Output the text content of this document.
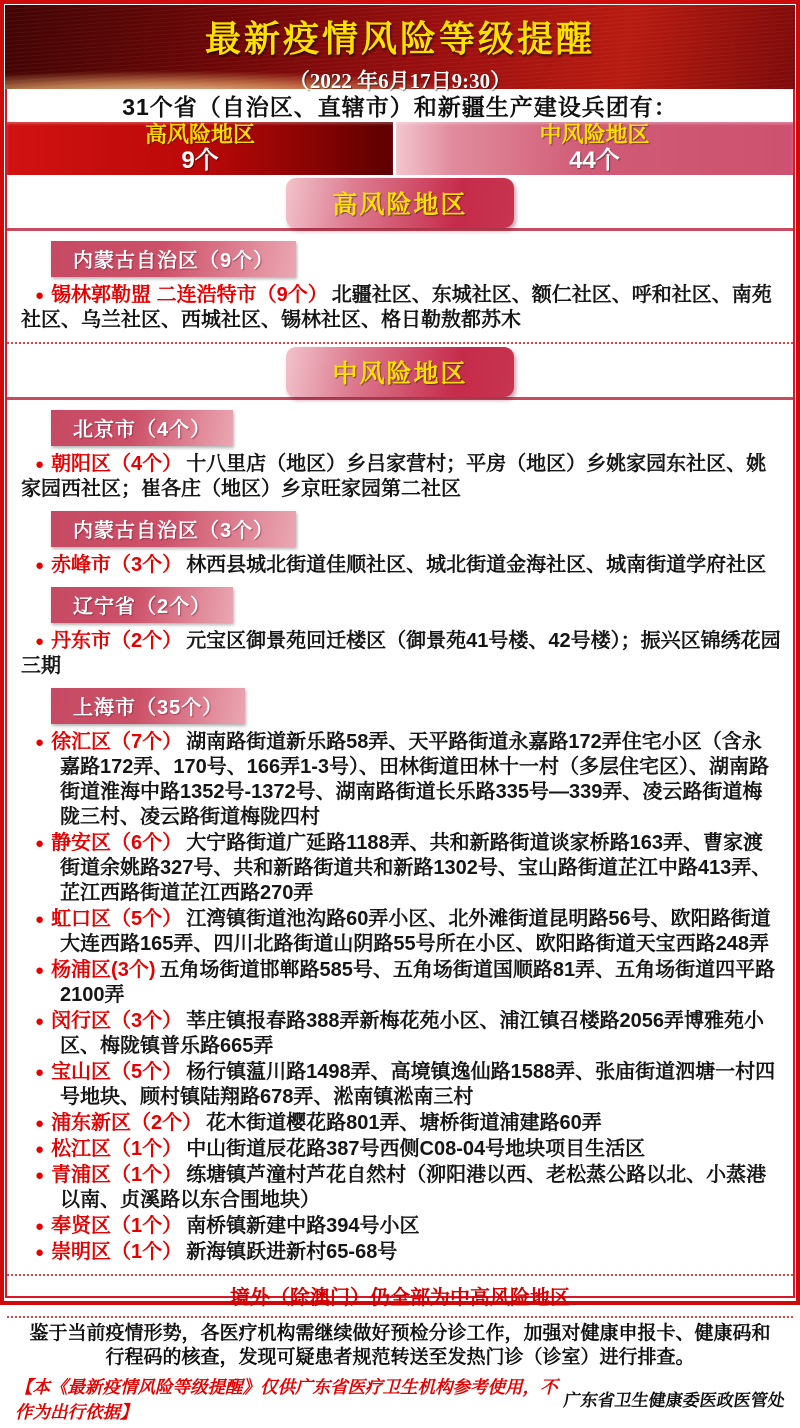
最新疫情风险等级提醒
（2022 年6月17日9:30）
31个省（自治区、直辖市）和新疆生产建设兵团有：
高风险地区
9个
中风险地区
44个
高风险地区
内蒙古自治区（9个）

● 锡林郭勒盟 二连浩特市（9个） 北疆社区、东城社区、额仁社区、呼和社区、南苑社区、乌兰社区、西城社区、锡林社区、格日勒敖都苏木

中风险地区
北京市（4个）

● 朝阳区（4个） 十八里店（地区）乡吕家营村；平房（地区）乡姚家园东社区、姚家园西社区；崔各庄（地区）乡京旺家园第二社区

内蒙古自治区（3个）

● 赤峰市（3个） 林西县城北街道佳顺社区、城北街道金海社区、城南街道学府社区

辽宁省（2个）

● 丹东市（2个） 元宝区御景苑回迁楼区（御景苑41号楼、42号楼）；振兴区锦绣花园三期

上海市（35个）

● 徐汇区（7个） 湖南路街道新乐路58弄、天平路街道永嘉路172弄住宅小区（含永嘉路172弄、170号、166弄1-3号）、田林街道田林十一村（多层住宅区）、湖南路街道淮海中路1352号-1372号、湖南路街道长乐路335号—339弄、凌云路街道梅陇三村、凌云路街道梅陇四村

● 静安区（6个） 大宁路街道广延路1188弄、共和新路街道谈家桥路163弄、曹家渡街道余姚路327号、共和新路街道共和新路1302号、宝山路街道芷江中路413弄、芷江西路街道芷江西路270弄

● 虹口区（5个） 江湾镇街道池沟路60弄小区、北外滩街道昆明路56号、欧阳路街道大连西路165弄、四川北路街道山阴路55号所在小区、欧阳路街道天宝西路248弄

● 杨浦区(3个) 五角场街道邯郸路585号、五角场街道国顺路81弄、五角场街道四平路2100弄

● 闵行区（3个） 莘庄镇报春路388弄新梅花苑小区、浦江镇召楼路2056弄博雅苑小区、梅陇镇普乐路665弄

● 宝山区（5个） 杨行镇蕰川路1498弄、高境镇逸仙路1588弄、张庙街道泗塘一村四号地块、顾村镇陆翔路678弄、淞南镇淞南三村

● 浦东新区（2个） 花木街道樱花路801弄、塘桥街道浦建路60弄

● 松江区（1个） 中山街道辰花路387号西侧C08-04号地块项目生活区

● 青浦区（1个） 练塘镇芦潼村芦花自然村（泖阳港以西、老松蒸公路以北、小蒸港以南、贞溪路以东合围地块）

● 奉贤区（1个） 南桥镇新建中路394号小区

● 崇明区（1个） 新海镇跃进新村65-68号

境外（除澳门）仍全部为中高风险地区
鉴于当前疫情形势，各医疗机构需继续做好预检分诊工作，加强对健康申报卡、健康码和行程码的核查，发现可疑患者规范转送至发热门诊（诊室）进行排查。
【本《最新疫情风险等级提醒》仅供广东省医疗卫生机构参考使用，不作为出行依据】
广东省卫生健康委医政医管处
